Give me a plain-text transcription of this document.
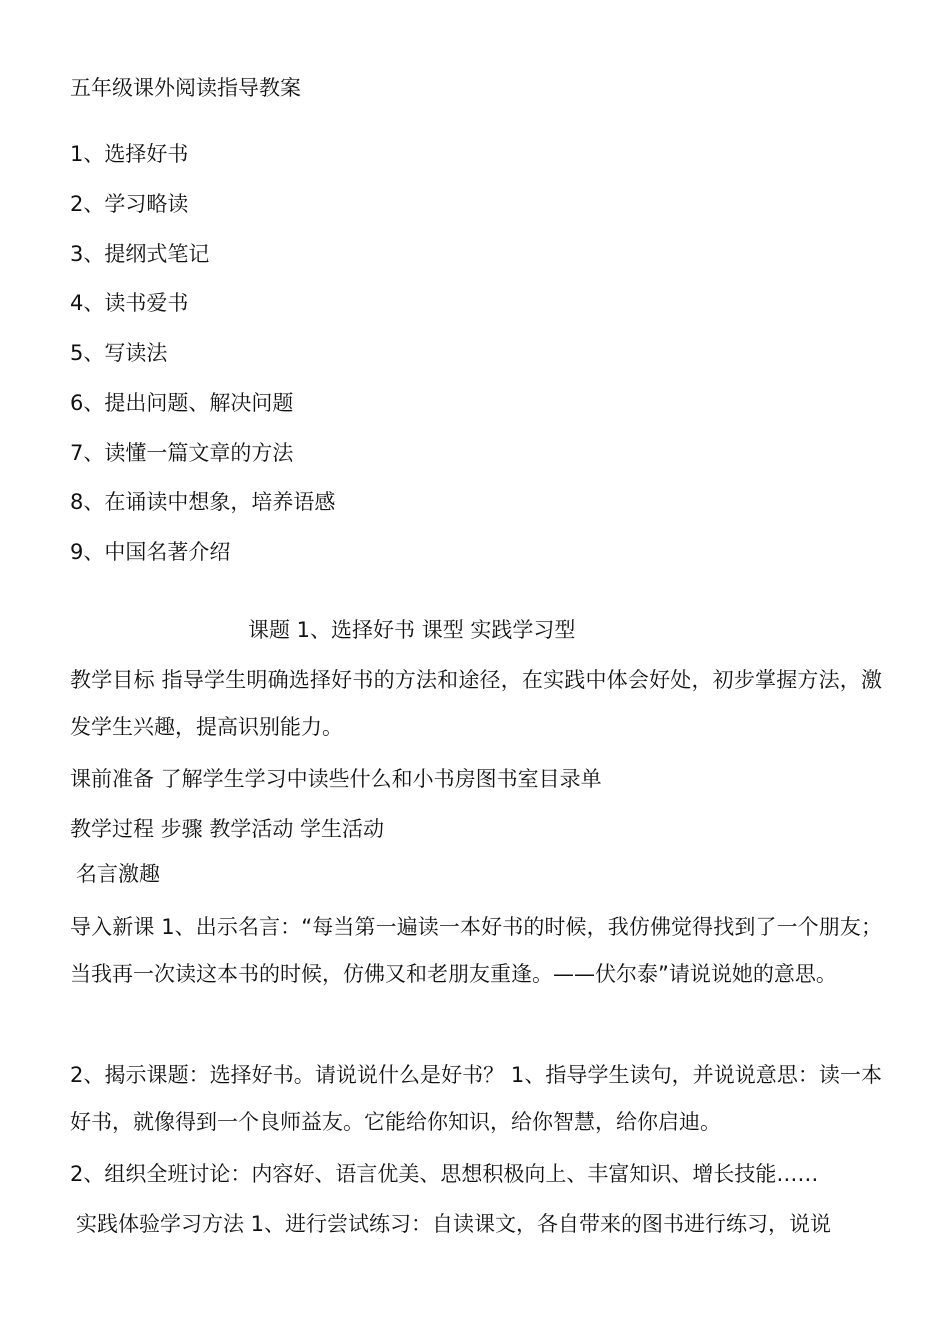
五年级课外阅读指导教案
1、选择好书
2、学习略读
3、提纲式笔记
4、读书爱书
5、写读法
6、提出问题、解决问题
7、读懂一篇文章的方法
8、在诵读中想象，培养语感
9、中国名著介绍
课题 1、选择好书 课型 实践学习型
教学目标 指导学生明确选择好书的方法和途径，在实践中体会好处，初步掌握方法，激发学生兴趣，提高识别能力。
课前准备 了解学生学习中读些什么和小书房图书室目录单
教学过程 步骤 教学活动 学生活动
名言激趣
导入新课 1、出示名言：“每当第一遍读一本好书的时候，我仿佛觉得找到了一个朋友；当我再一次读这本书的时候，仿佛又和老朋友重逢。——伏尔泰”请说说她的意思。
2、揭示课题：选择好书。请说说什么是好书？ 1、指导学生读句，并说说意思：读一本好书，就像得到一个良师益友。它能给你知识，给你智慧，给你启迪。
2、组织全班讨论：内容好、语言优美、思想积极向上、丰富知识、增长技能……
实践体验学习方法 1、进行尝试练习：自读课文，各自带来的图书进行练习，说说
